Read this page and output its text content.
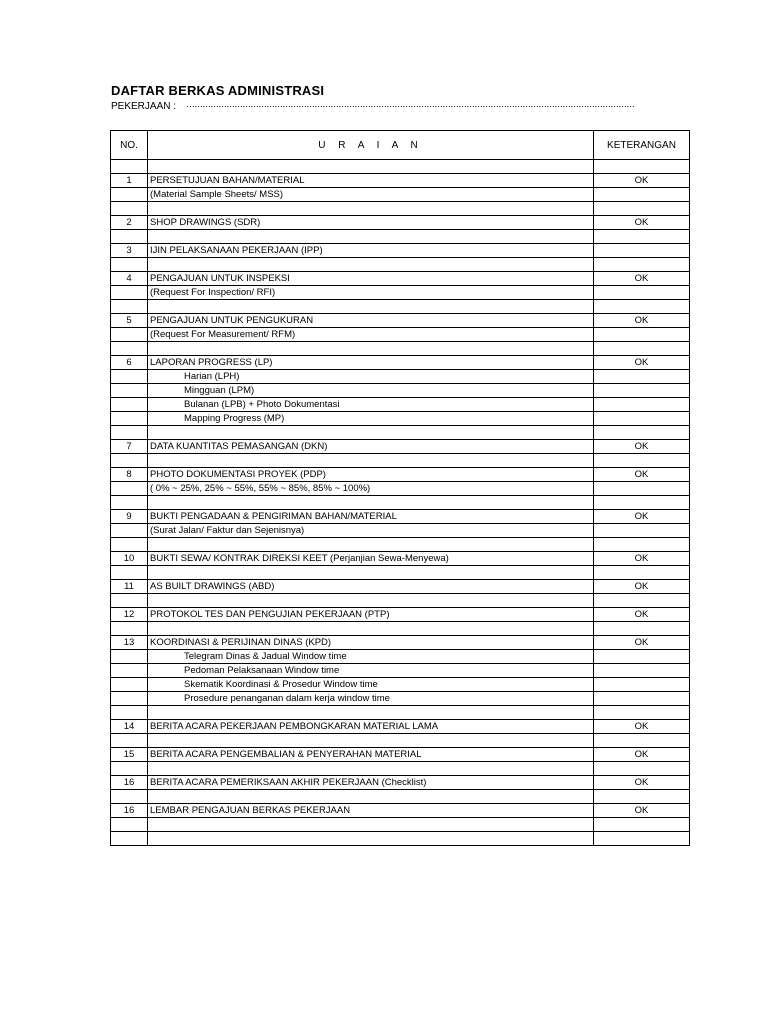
DAFTAR BERKAS ADMINISTRASI
PEKERJAAN : ……………………………………………………………………………………………………………………………………………………
NO.	U R A I A N	KETERANGAN

1	PERSETUJUAN BAHAN/MATERIAL	OK
	(Material Sample Sheets/ MSS)	

2	SHOP DRAWINGS (SDR)	OK

3	IJIN PELAKSANAAN PEKERJAAN (IPP)	

4	PENGAJUAN UNTUK INSPEKSI	OK
	(Request For Inspection/ RFI)	

5	PENGAJUAN UNTUK PENGUKURAN	OK
	(Request For Measurement/ RFM)	

6	LAPORAN PROGRESS (LP)	OK
	Harian (LPH)	
	Mingguan (LPM)	
	Bulanan (LPB) + Photo Dokumentasi	
	Mapping Progress (MP)	

7	DATA KUANTITAS PEMASANGAN (DKN)	OK

8	PHOTO DOKUMENTASI PROYEK (PDP)	OK
	( 0% ~ 25%, 25% ~ 55%, 55% ~ 85%, 85% ~ 100%)	

9	BUKTI PENGADAAN & PENGIRIMAN BAHAN/MATERIAL	OK
	(Surat Jalan/ Faktur dan Sejenisnya)	

10	BUKTI SEWA/ KONTRAK DIREKSI KEET (Perjanjian Sewa-Menyewa)	OK

11	AS BUILT DRAWINGS (ABD)	OK

12	PROTOKOL TES DAN PENGUJIAN PEKERJAAN (PTP)	OK

13	KOORDINASI & PERIJINAN DINAS (KPD)	OK
	Telegram Dinas & Jadual Window time	
	Pedoman Pelaksanaan Window time	
	Skematik Koordinasi & Prosedur Window time	
	Prosedure penanganan dalam kerja window time	

14	BERITA ACARA PEKERJAAN PEMBONGKARAN MATERIAL LAMA	OK

15	BERITA ACARA PENGEMBALIAN & PENYERAHAN MATERIAL	OK

16	BERITA ACARA PEMERIKSAAN AKHIR PEKERJAAN (Checklist)	OK

16	LEMBAR PENGAJUAN BERKAS PEKERJAAN	OK
